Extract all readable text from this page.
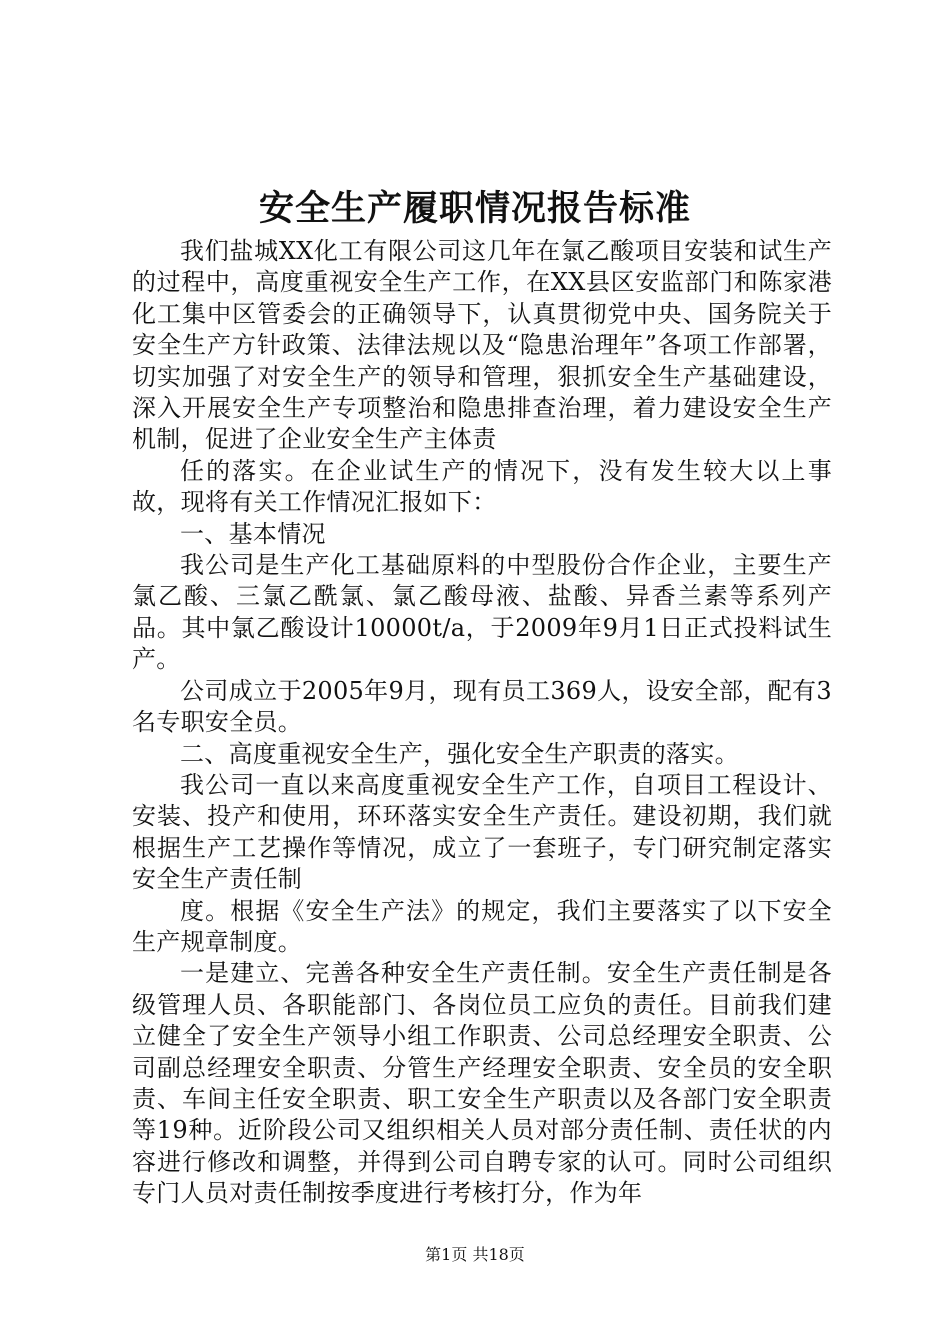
安全生产履职情况报告标准

我们盐城XX化工有限公司这几年在氯乙酸项目安装和试生产的过程中，高度重视安全生产工作，在XX县区安监部门和陈家港化工集中区管委会的正确领导下，认真贯彻党中央、国务院关于安全生产方针政策、法律法规以及“隐患治理年”各项工作部署，切实加强了对安全生产的领导和管理，狠抓安全生产基础建设，深入开展安全生产专项整治和隐患排查治理，着力建设安全生产机制，促进了企业安全生产主体责

任的落实。在企业试生产的情况下，没有发生较大以上事故，现将有关工作情况汇报如下：

一、基本情况

我公司是生产化工基础原料的中型股份合作企业，主要生产氯乙酸、三氯乙酰氯、氯乙酸母液、盐酸、异香兰素等系列产品。其中氯乙酸设计10000t/a，于2009年9月1日正式投料试生产。

公司成立于2005年9月，现有员工369人，设安全部，配有3名专职安全员。

二、高度重视安全生产，强化安全生产职责的落实。

我公司一直以来高度重视安全生产工作，自项目工程设计、安装、投产和使用，环环落实安全生产责任。建设初期，我们就根据生产工艺操作等情况，成立了一套班子，专门研究制定落实安全生产责任制

度。根据《安全生产法》的规定，我们主要落实了以下安全生产规章制度。

一是建立、完善各种安全生产责任制。安全生产责任制是各级管理人员、各职能部门、各岗位员工应负的责任。目前我们建立健全了安全生产领导小组工作职责、公司总经理安全职责、公司副总经理安全职责、分管生产经理安全职责、安全员的安全职责、车间主任安全职责、职工安全生产职责以及各部门安全职责等19种。近阶段公司又组织相关人员对部分责任制、责任状的内容进行修改和调整，并得到公司自聘专家的认可。同时公司组织专门人员对责任制按季度进行考核打分，作为年

第1页 共18页
